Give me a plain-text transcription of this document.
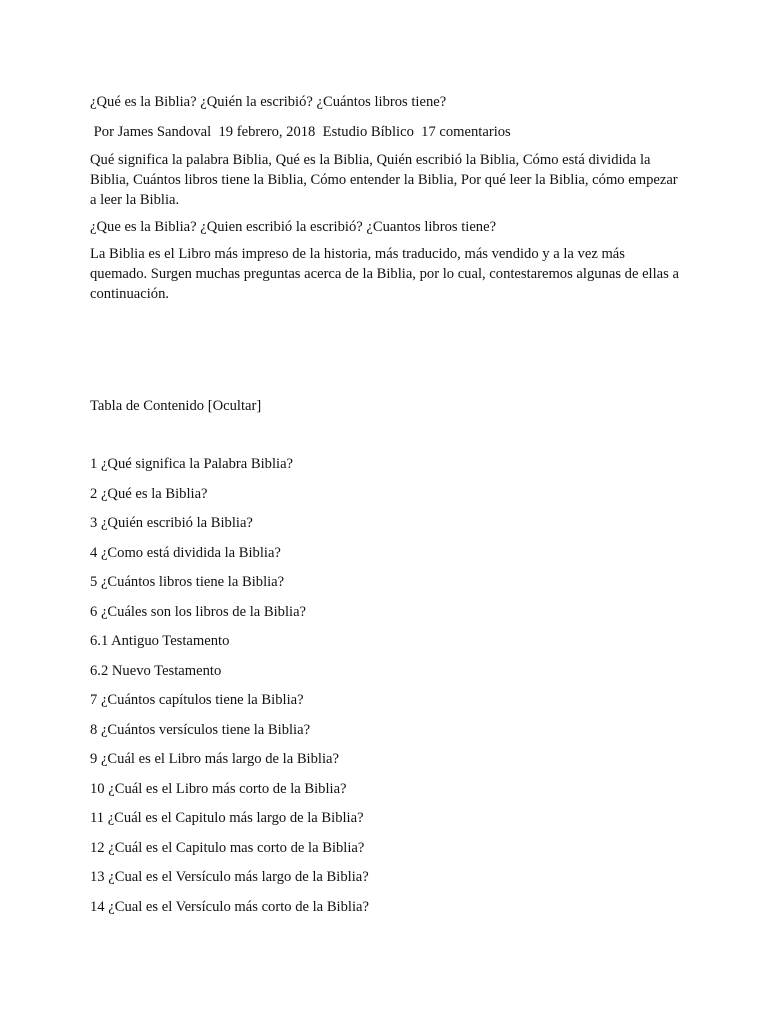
¿Qué es la Biblia? ¿Quién la escribió? ¿Cuántos libros tiene?

Por James Sandoval  19 febrero, 2018  Estudio Bíblico  17 comentarios

Qué significa la palabra Biblia, Qué es la Biblia, Quién escribió la Biblia, Cómo está dividida la Biblia, Cuántos libros tiene la Biblia, Cómo entender la Biblia, Por qué leer la Biblia, cómo empezar a leer la Biblia.

¿Que es la Biblia? ¿Quien escribió la escribió? ¿Cuantos libros tiene?

La Biblia es el Libro más impreso de la historia, más traducido, más vendido y a la vez más quemado. Surgen muchas preguntas acerca de la Biblia, por lo cual, contestaremos algunas de ellas a continuación.

Tabla de Contenido [Ocultar]

1 ¿Qué significa la Palabra Biblia?
2 ¿Qué es la Biblia?
3 ¿Quién escribió la Biblia?
4 ¿Como está dividida la Biblia?
5 ¿Cuántos libros tiene la Biblia?
6 ¿Cuáles son los libros de la Biblia?
6.1 Antiguo Testamento
6.2 Nuevo Testamento
7 ¿Cuántos capítulos tiene la Biblia?
8 ¿Cuántos versículos tiene la Biblia?
9 ¿Cuál es el Libro más largo de la Biblia?
10 ¿Cuál es el Libro más corto de la Biblia?
11 ¿Cuál es el Capitulo más largo de la Biblia?
12 ¿Cuál es el Capitulo mas corto de la Biblia?
13 ¿Cual es el Versículo más largo de la Biblia?
14 ¿Cual es el Versículo más corto de la Biblia?
